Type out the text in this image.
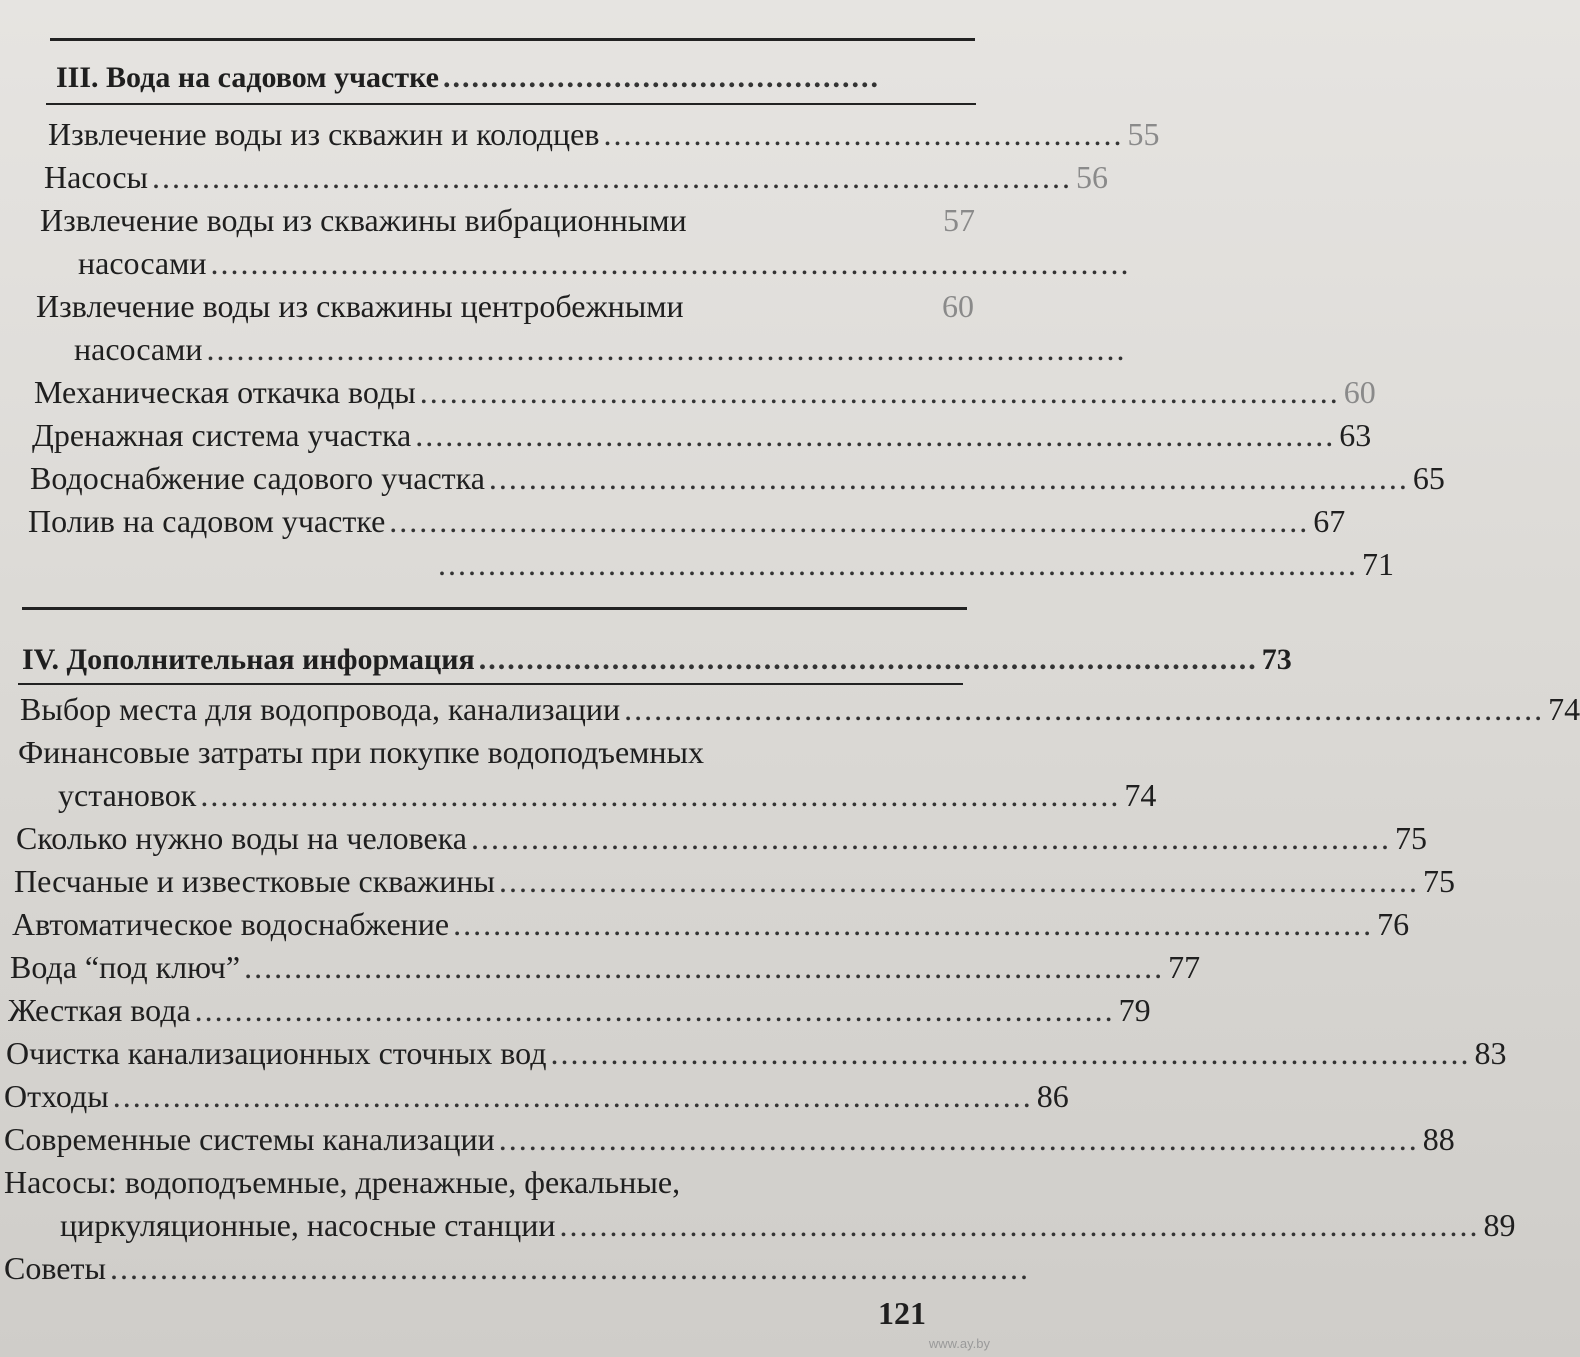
III. Вода на садовом участке ..............................................
Извлечение воды из скважин и колодцев .................................................... 55
Насосы ............................................................................................ 56
Извлечение воды из скважины вибрационными	57
насосами ............................................................................................
Извлечение воды из скважины центробежными	60
насосами ............................................................................................
Механическая откачка воды ............................................................................................ 60
Дренажная система участка ............................................................................................ 63
Водоснабжение садового участка ............................................................................................ 65
Полив на садовом участке ............................................................................................ 67
............................................................................................ 71
IV. Дополнительная информация .................................................................................. 73
Выбор места для водопровода, канализации ............................................................................................ 74
Финансовые затраты при покупке водоподъемных
установок ............................................................................................ 74
Сколько нужно воды на человека ............................................................................................ 75
Песчаные и известковые скважины ............................................................................................ 75
Автоматическое водоснабжение ............................................................................................ 76
Вода “под ключ” ............................................................................................ 77
Жесткая вода ............................................................................................ 79
Очистка канализационных сточных вод ............................................................................................ 83
Отходы ............................................................................................ 86
Современные системы канализации ............................................................................................ 88
Насосы: водоподъемные, дренажные, фекальные,
циркуляционные, насосные станции ............................................................................................ 89
Советы ............................................................................................
121
www.ay.by
